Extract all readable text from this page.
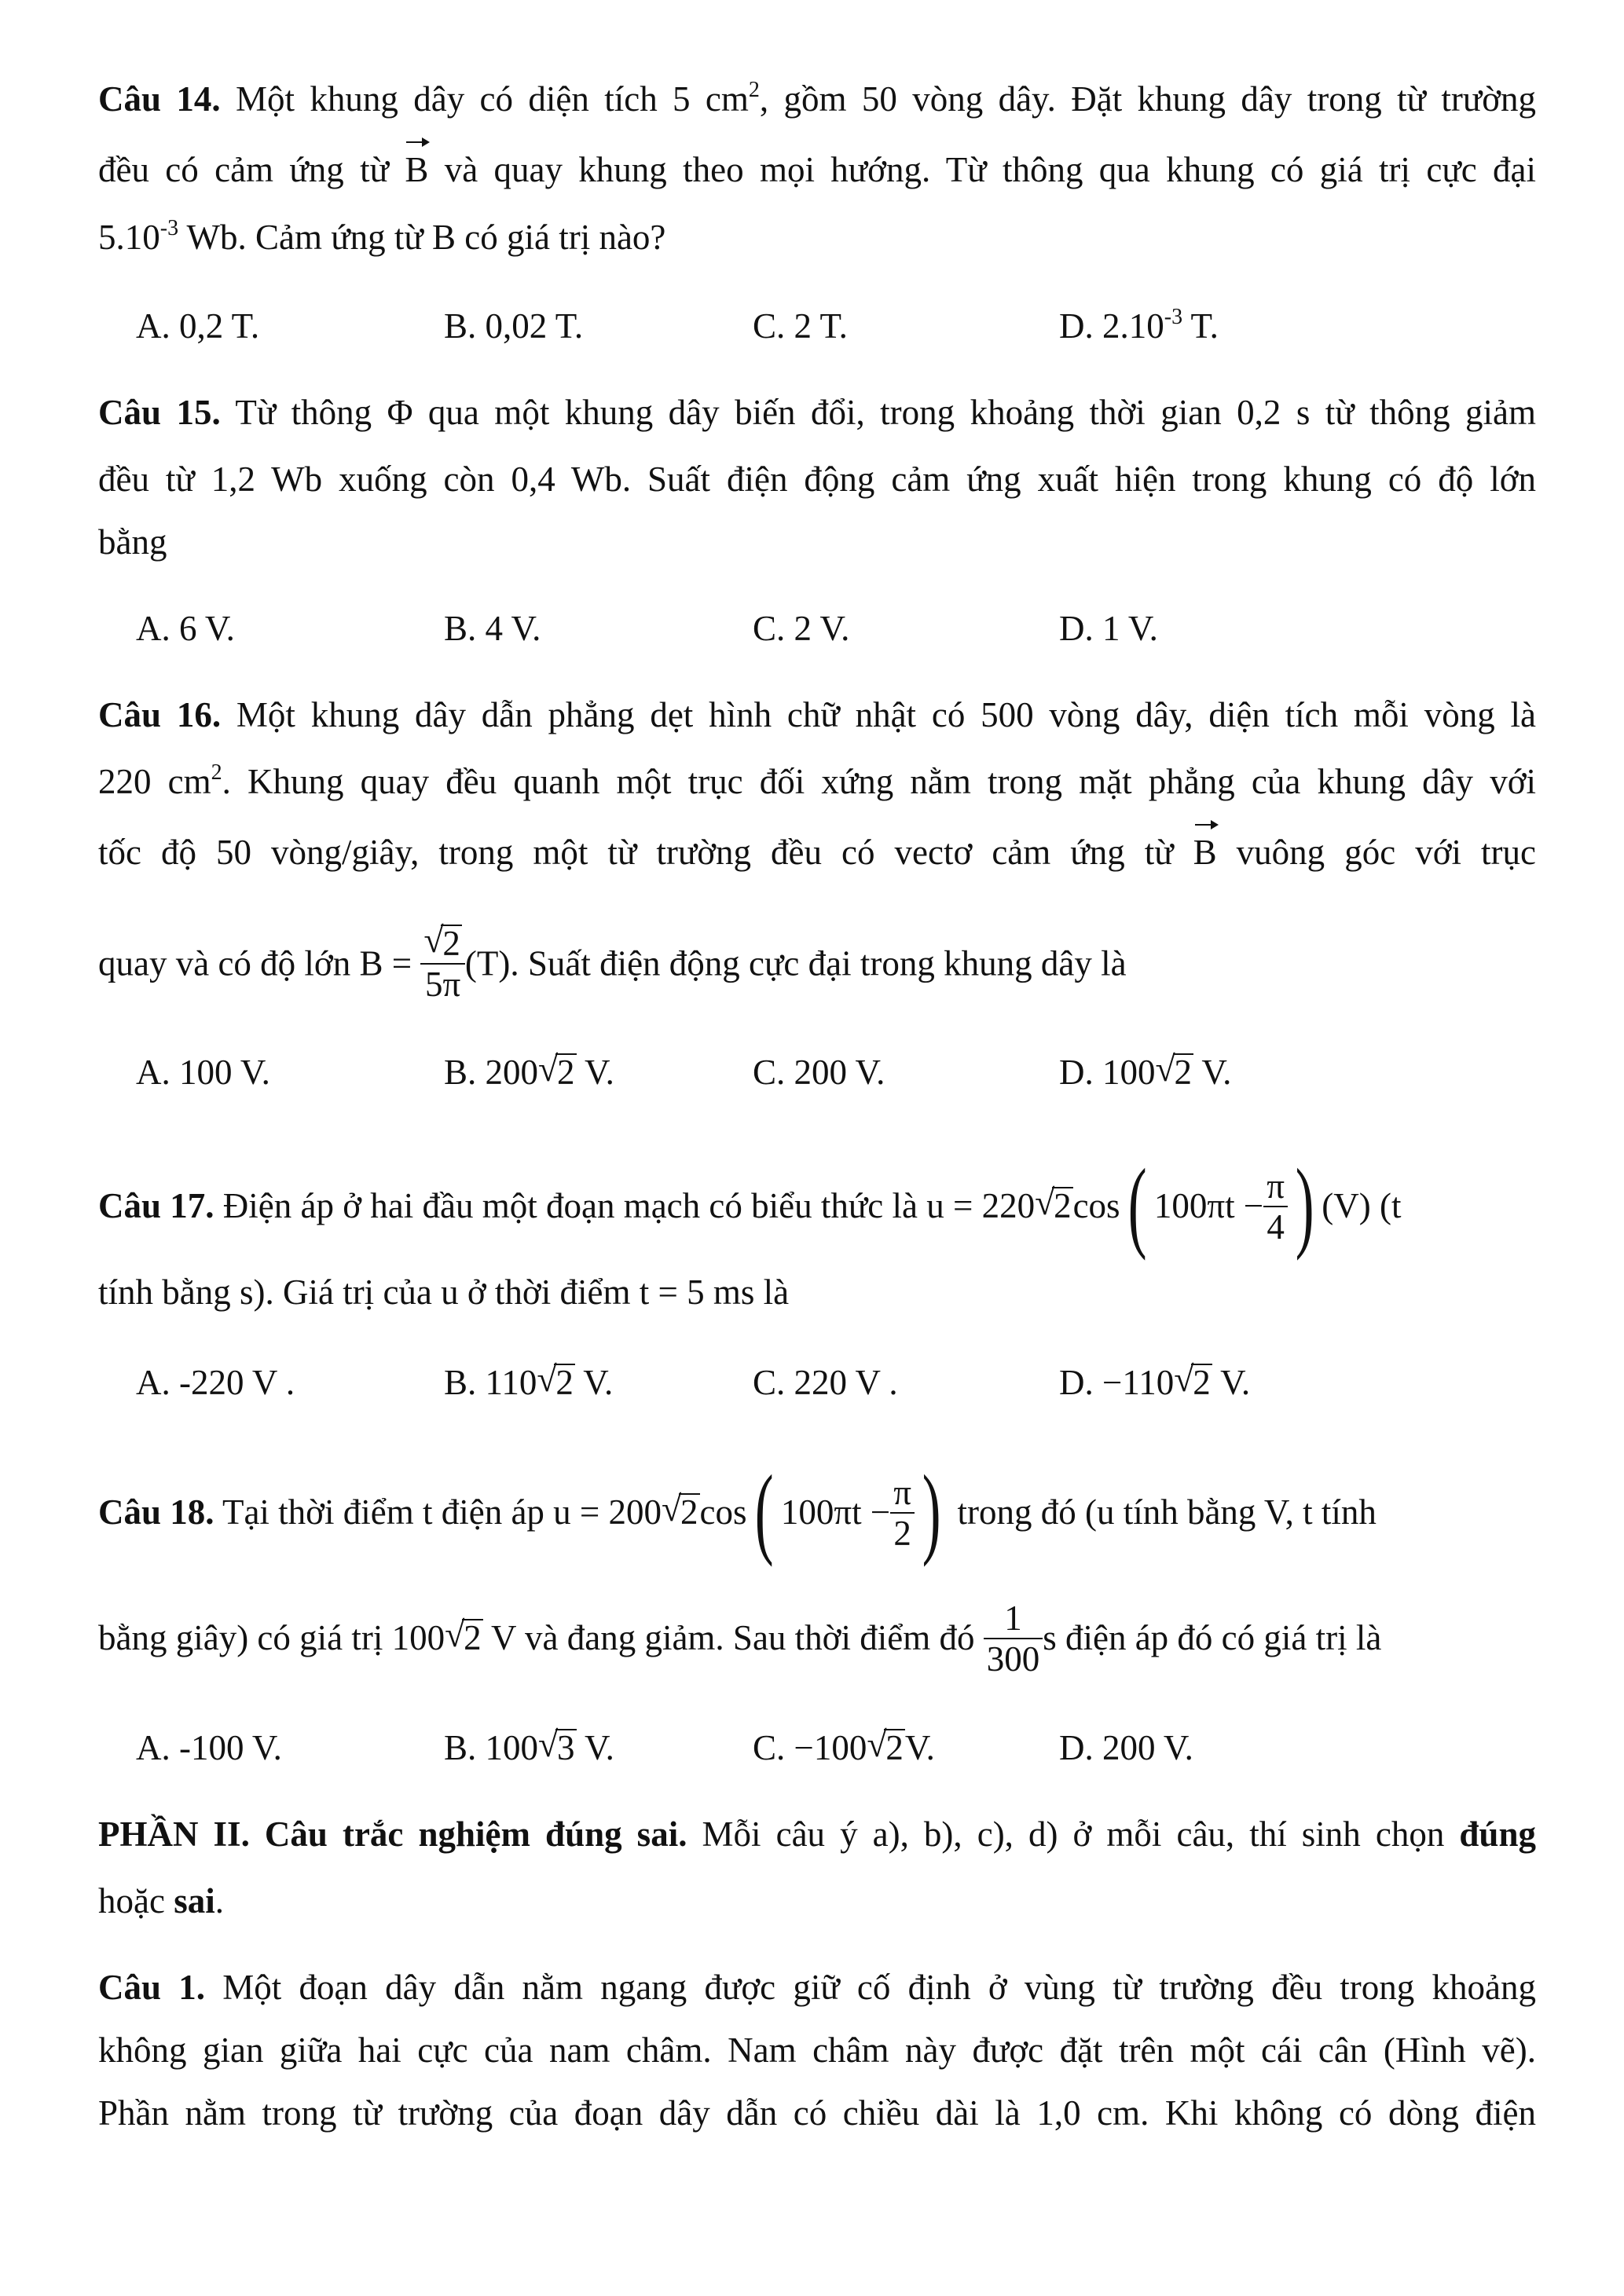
Câu 14. Một khung dây có diện tích 5 $cm^2$, gồm 50 vòng dây. Đặt khung dây trong từ trường
đều có cảm ứng từ B và quay khung theo mọi hướng. Từ thông qua khung có giá trị cực đại
$5.10^{-3}$ Wb. Cảm ứng từ B có giá trị nào?
A. 0,2 T.	B. 0,02 T.	C. 2 T.	D. $2.10^{-3}$ T.
Câu 15. Từ thông Φ qua một khung dây biến đổi, trong khoảng thời gian 0,2 s từ thông giảm
đều từ 1,2 Wb xuống còn 0,4 Wb. Suất điện động cảm ứng xuất hiện trong khung có độ lớn
bằng
A. 6 V.	B. 4 V.	C. 2 V.	D. 1 V.
Câu 16. Một khung dây dẫn phẳng dẹt hình chữ nhật có 500 vòng dây, diện tích mỗi vòng là
220 $cm^2$. Khung quay đều quanh một trục đối xứng nằm trong mặt phẳng của khung dây với
tốc độ 50 vòng/giây, trong một từ trường đều có vectơ cảm ứng từ B vuông góc với trục
quay và có độ lớn B = √ $\frac{2}{5\pi} (T)$. Suất điện động cực đại trong khung dây là
A. 100 V.	B. 200 √ 2 V.	C. 200 V.	D. 100 √ 2 V.
Câu 17. Điện áp ở hai đầu một đoạn mạch có biểu thức là u = 220 √ 2cos( $100\pi t - \frac{\pi}{4}$ ) (V) (t
tính bằng s). Giá trị của u ở thời điểm t = 5 ms là
A. -220 V .	B. 110 √ 2 V.	C. 220 V .	D. −110 √ 2 V.
Câu 18. Tại thời điểm t điện áp u = 200 √ 2cos( $100\pi t - \frac{\pi}{2}$ ) trong đó (u tính bằng V, t tính
bằng giây) có giá trị 100 √ 2 V và đang giảm. Sau thời điểm đó $\frac{1}{300}$ s điện áp đó có giá trị là
A. -100 V.	B. 100 √ 3 V.	C. −100 √ 2V.	D. 200 V.
PHẦN II. Câu trắc nghiệm đúng sai. Mỗi câu ý a), b), c), d) ở mỗi câu, thí sinh chọn đúng
hoặc sai.
Câu 1. Một đoạn dây dẫn nằm ngang được giữ cố định ở vùng từ trường đều trong khoảng
không gian giữa hai cực của nam châm. Nam châm này được đặt trên một cái cân (Hình vẽ).
Phần nằm trong từ trường của đoạn dây dẫn có chiều dài là 1,0 cm. Khi không có dòng điện
